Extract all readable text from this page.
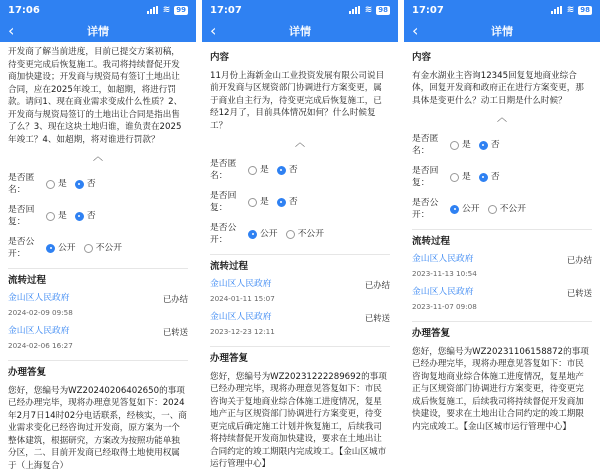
17:06	≋ 99
‹	详情
开发商了解当前进度，目前已提交方案初稿，待变更完成后恢复施工。我司将持续督促开发商加快建设；开发商与规资局有签订土地出让合同，应在2025年竣工，如超期，将进行罚款。请问1、现在商业需求变成什么性质？2、开发商与规资局签订的土地出让合同是指出售了么？3、现在这块土地归谁，谁负责在2025年竣工？4、如超期，将对谁进行罚款？
︿
是否匿名：
是 否
是否回复：
是 否
是否公开：
公开 不公开
流转过程
金山区人民政府
2024-02-09 09:58
已办结
金山区人民政府
2024-02-06 16:27
已转送
办理答复
您好，您编号为WZ20240206402650的事项已经办理完毕，现将办理意见答复如下：2024年2月7日14时02分电话联系，经核实，一、商业需求变化已经咨询过开发商，原方案为一个整体建筑，根据研究，方案改为按照功能单独分区，二、目前开发商已经取得土地使用权属于（上海复合）
17:07	≋ 98
‹	详情
内容
11月份上海新金山工业投资发展有限公司说目前开发商与区规资部门协调进行方案变更，属于商业自主行为，待变更完成后恢复施工，已经12月了，目前具体情况如何？什么时候复工？
︿
是否匿名：
是 否
是否回复：
是 否
是否公开：
公开 不公开
流转过程
金山区人民政府
2024-01-11 15:07
已办结
金山区人民政府
2023-12-23 12:11
已转送
办理答复
您好，您编号为WZ20231222289692的事项已经办理完毕，现将办理意见答复如下：市民咨询关于复地商业综合体施工进度情况，复星地产正与区规资部门协调进行方案变更，待变更完成后确定施工计划并恢复施工，后续我司将持续督促开发商加快建设，要求在土地出让合同约定的竣工期限内完成竣工。【金山区城市运行管理中心】
17:07	≋ 98
‹	详情
内容
有金水湖业主咨询12345回复复地商业综合体，回复开发商和政府正在进行方案变更，那具体是变更什么？动工日期是什么时候？
︿
是否匿名：
是 否
是否回复：
是 否
是否公开：
公开 不公开
流转过程
金山区人民政府
2023-11-13 10:54
已办结
金山区人民政府
2023-11-07 09:08
已转送
办理答复
您好，您编号为WZ20231106158872的事项已经办理完毕，现将办理意见答复如下：市民咨询复地商业综合体施工进度情况，复星地产正与区规资部门协调进行方案变更，待变更完成后恢复施工，后续我司将持续督促开发商加快建设，要求在土地出让合同约定的竣工期限内完成竣工。【金山区城市运行管理中心】
